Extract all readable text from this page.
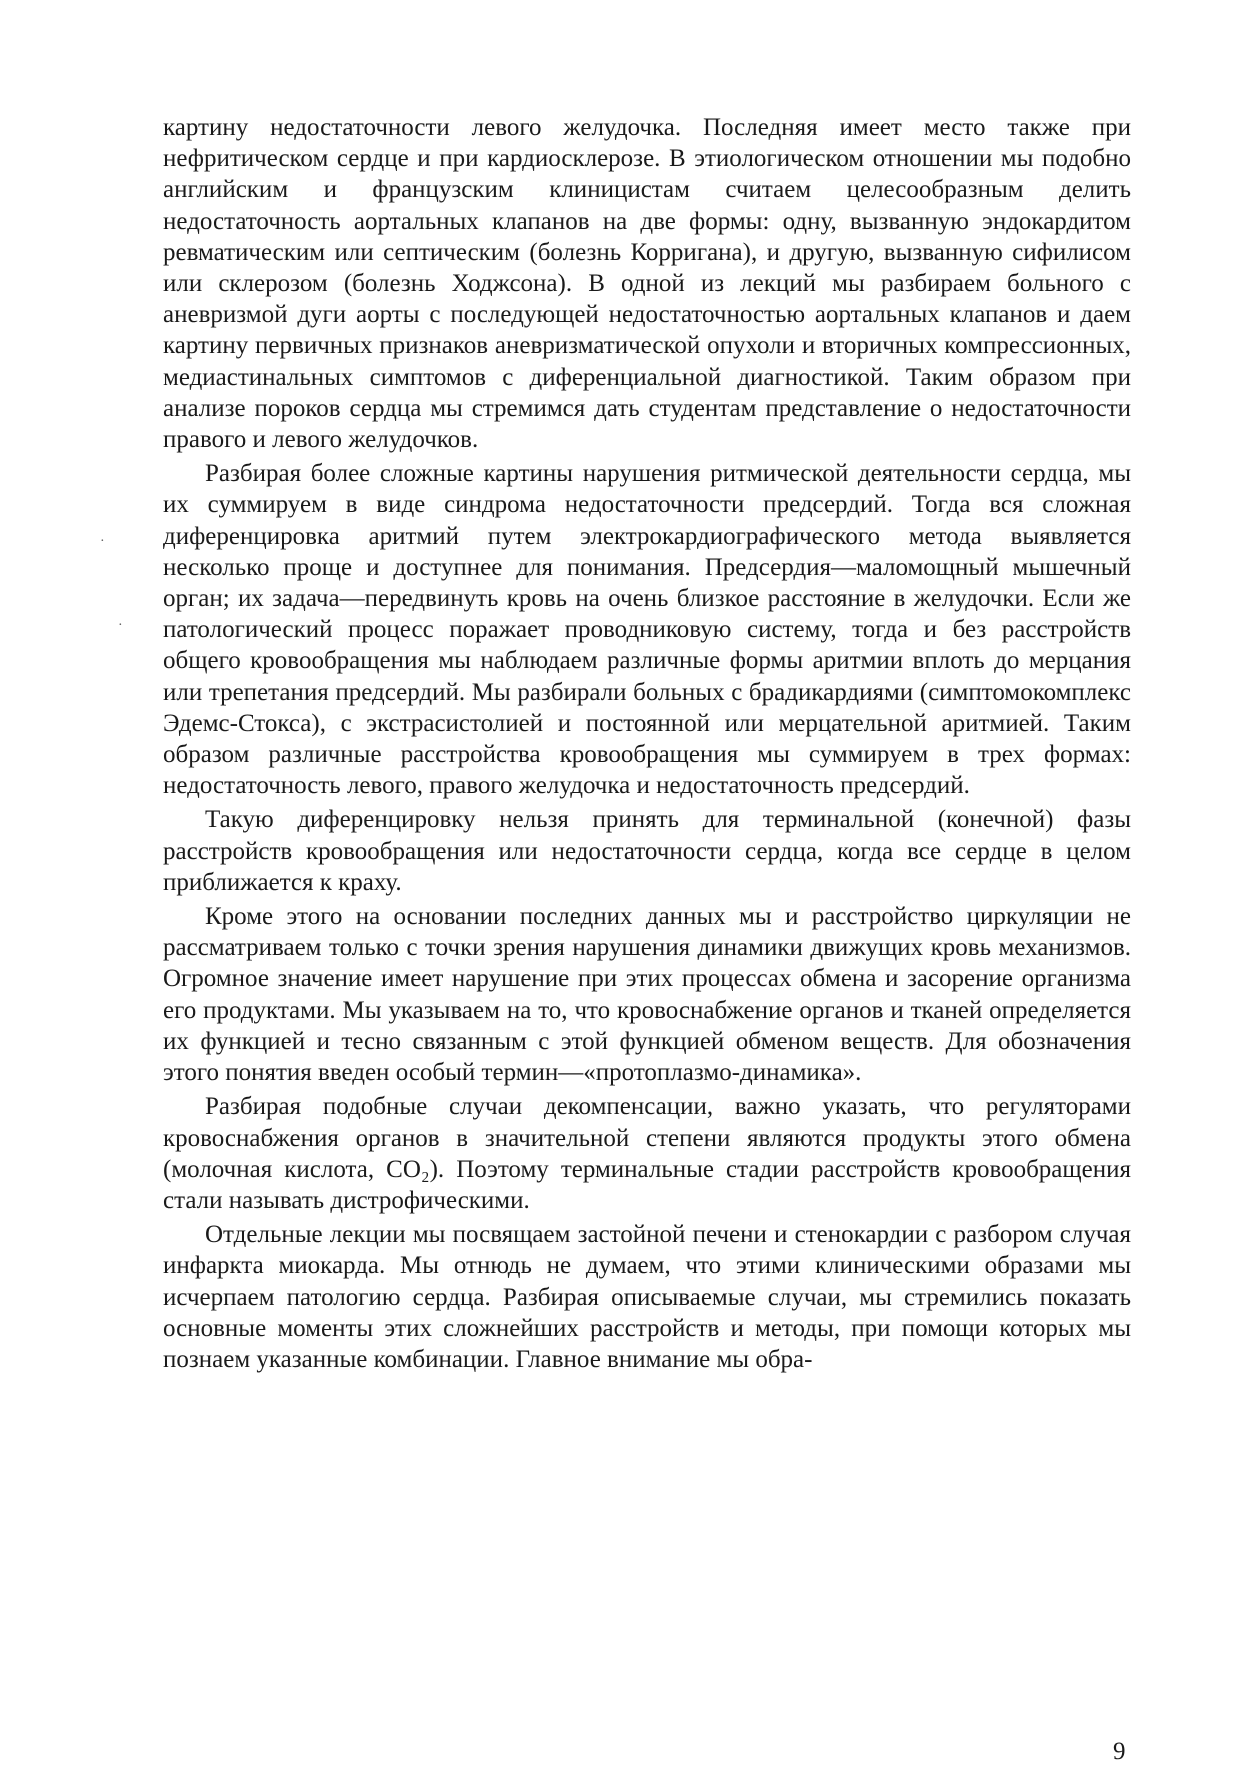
картину недостаточности левого желудочка. Последняя имеет место также при нефритическом сердце и при кардиосклерозе. В этиологическом отношении мы подобно английским и французским клиницистам считаем целесообразным делить недостаточность аортальных клапанов на две формы: одну, вызванную эндокардитом ревматическим или септическим (болезнь Корригана), и другую, вызванную сифилисом или склерозом (болезнь Ходжсона). В одной из лекций мы разбираем больного с аневризмой дуги аорты с последующей недостаточностью аортальных клапанов и даем картину первичных признаков аневризматической опухоли и вторичных компрессионных, медиастинальных симптомов с диференциальной диагностикой. Таким образом при анализе пороков сердца мы стремимся дать студентам представление о недостаточности правого и левого желудочков.

Разбирая более сложные картины нарушения ритмической деятельности сердца, мы их суммируем в виде синдрома недостаточности предсердий. Тогда вся сложная диференцировка аритмий путем электрокардиографического метода выявляется несколько проще и доступнее для понимания. Предсердия—маломощный мышечный орган; их задача—передвинуть кровь на очень близкое расстояние в желудочки. Если же патологический процесс поражает проводниковую систему, тогда и без расстройств общего кровообращения мы наблюдаем различные формы аритмии вплоть до мерцания или трепетания предсердий. Мы разбирали больных с брадикардиями (симптомокомплекс Эдемс-Стокса), с экстрасистолией и постоянной или мерцательной аритмией. Таким образом различные расстройства кровообращения мы суммируем в трех формах: недостаточность левого, правого желудочка и недостаточность предсердий.

Такую диференцировку нельзя принять для терминальной (конечной) фазы расстройств кровообращения или недостаточности сердца, когда все сердце в целом приближается к краху.

Кроме этого на основании последних данных мы и расстройство циркуляции не рассматриваем только с точки зрения нарушения динамики движущих кровь механизмов. Огромное значение имеет нарушение при этих процессах обмена и засорение организма его продуктами. Мы указываем на то, что кровоснабжение органов и тканей определяется их функцией и тесно связанным с этой функцией обменом веществ. Для обозначения этого понятия введен особый термин—«протоплазмо-динамика».

Разбирая подобные случаи декомпенсации, важно указать, что регуляторами кровоснабжения органов в значительной степени являются продукты этого обмена (молочная кислота, CO₂). Поэтому терминальные стадии расстройств кровообращения стали называть дистрофическими.

Отдельные лекции мы посвящаем застойной печени и стенокардии с разбором случая инфаркта миокарда. Мы отнюдь не думаем, что этими клиническими образами мы исчерпаем патологию сердца. Разбирая описываемые случаи, мы стремились показать основные моменты этих сложнейших расстройств и методы, при помощи которых мы познаем указанные комбинации. Главное внимание мы обра-

·
·
9
